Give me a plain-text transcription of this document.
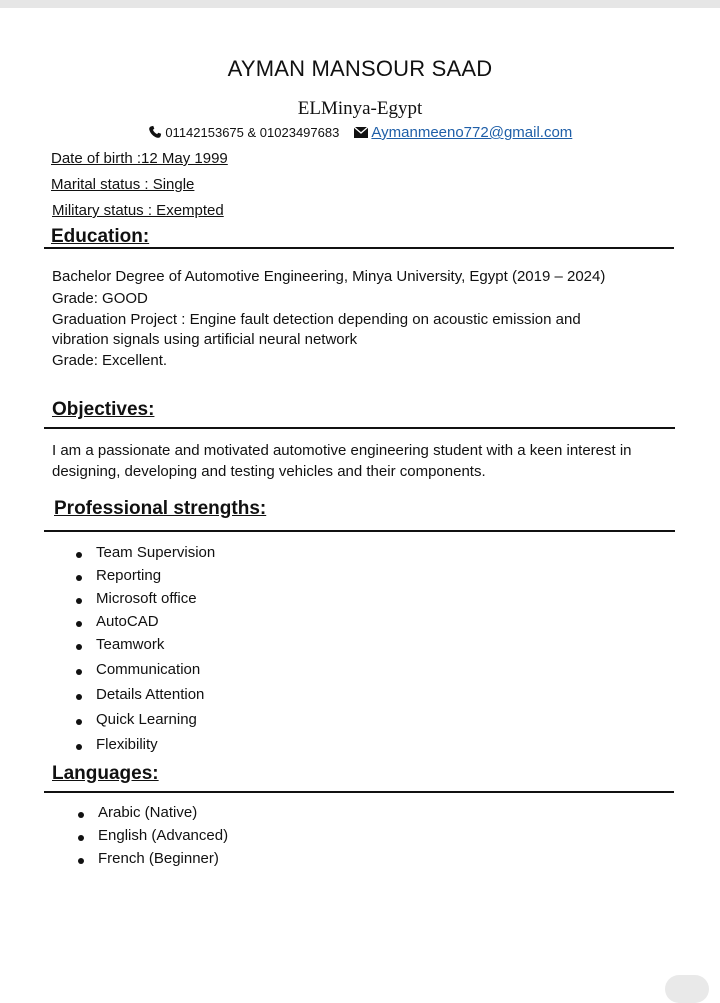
AYMAN MANSOUR SAAD
ELMinya-Egypt
01142153675 & 01023497683 Aymanmeeno772@gmail.com
Date of birth :12 May 1999
Marital status : Single
Military status : Exempted
Education:
Bachelor Degree of Automotive Engineering, Minya University, Egypt (2019 – 2024)
Grade: GOOD
Graduation Project : Engine fault detection depending on acoustic emission and
vibration signals using artificial neural network
Grade: Excellent.
Objectives:
I am a passionate and motivated automotive engineering student with a keen interest in
designing, developing and testing vehicles and their components.
Professional strengths:
Team Supervision
Reporting
Microsoft office
AutoCAD
Teamwork
Communication
Details Attention
Quick Learning
Flexibility
Languages:
Arabic (Native)
English (Advanced)
French (Beginner)
